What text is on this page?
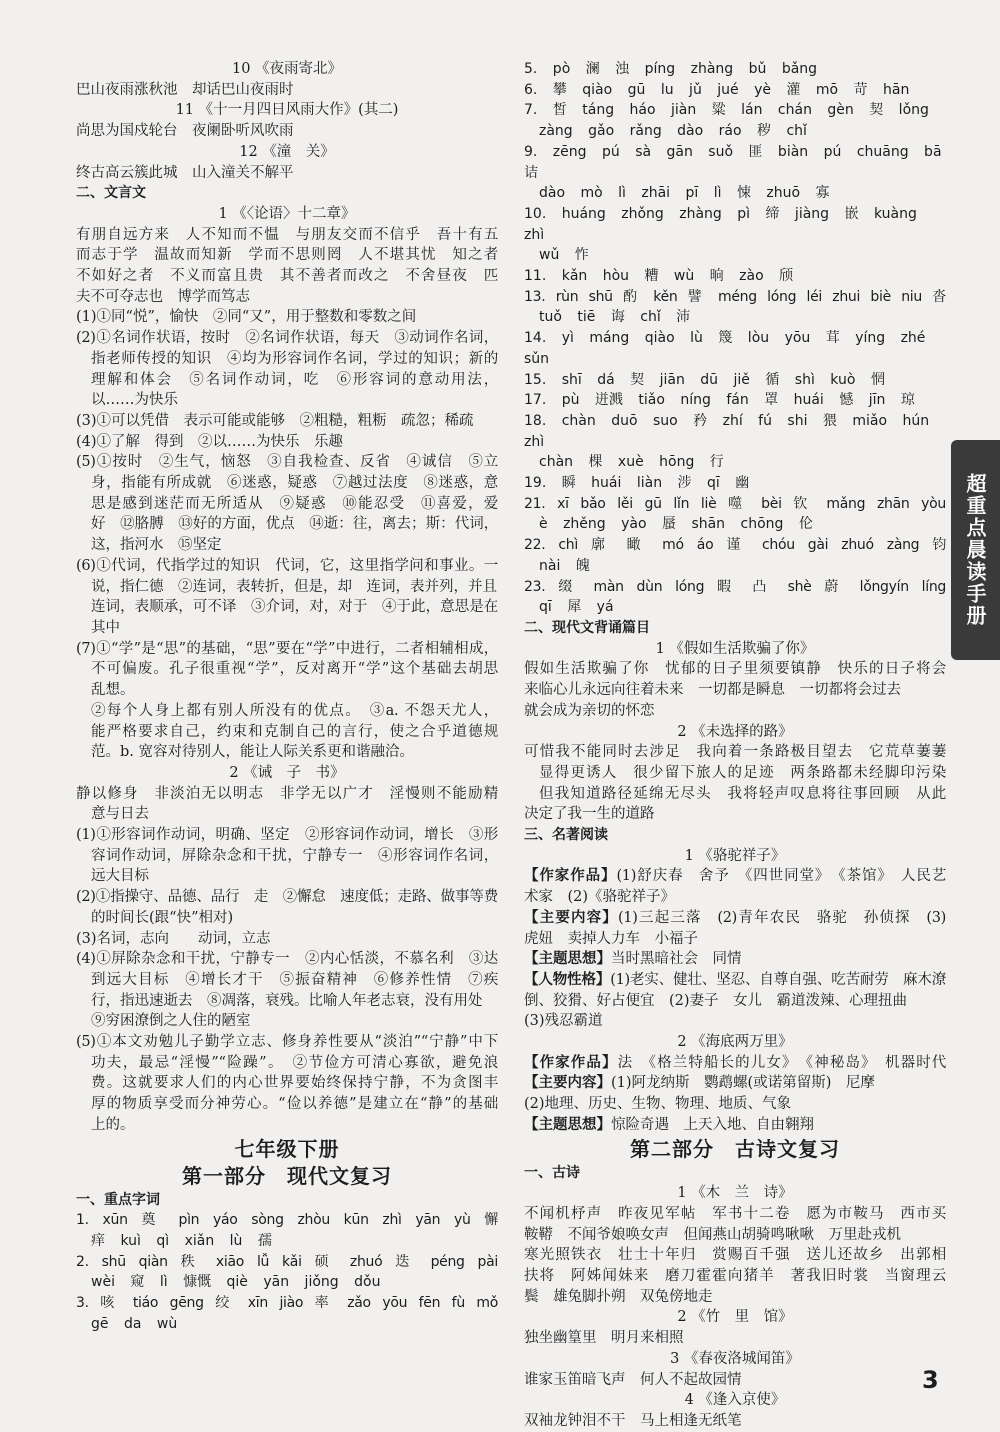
10 《夜雨寄北》
巴山夜雨涨秋池　却话巴山夜雨时
11 《十一月四日风雨大作》(其二)
尚思为国戍轮台　夜阑卧听风吹雨
12 《潼　关》
终古高云簇此城　山入潼关不解平
二、文言文
1 《〈论语〉十二章》
有朋自远方来　人不知而不愠　与朋友交而不信乎　吾十有五
而志于学　温故而知新　学而不思则罔　人不堪其忧　知之者
不如好之者　不义而富且贵　其不善者而改之　不舍昼夜　匹
夫不可夺志也　博学而笃志
(1)①同“悦”，愉快　②同“又”，用于整数和零数之间
(2)①名词作状语，按时　②名词作状语，每天　③动词作名词，
指老师传授的知识　④均为形容词作名词，学过的知识；新的
理解和体会　⑤名词作动词，吃　⑥形容词的意动用法，
以……为快乐
(3)①可以凭借　表示可能或能够　②粗糙，粗粝　疏忽；稀疏
(4)①了解　得到　②以……为快乐　乐趣
(5)①按时　②生气，恼怒　③自我检查、反省　④诚信　⑤立
身，指能有所成就　⑥迷惑，疑惑　⑦越过法度　⑧迷惑，意
思是感到迷茫而无所适从　⑨疑惑　⑩能忍受　⑪喜爱，爱
好　⑫胳膊　⑬好的方面，优点　⑭逝：往，离去；斯：代词，
这，指河水　⑮坚定
(6)①代词，代指学过的知识　代词，它，这里指学问和事业。一
说，指仁德　②连词，表转折，但是，却　连词，表并列，并且
连词，表顺承，可不译　③介词，对，对于　④于此，意思是在
其中
(7)①“学”是“思”的基础，“思”要在“学”中进行，二者相辅相成，
不可偏废。孔子很重视“学”，反对离开“学”这个基础去胡思
乱想。
②每个人身上都有别人所没有的优点。　③a. 不怨天尤人，
能严格要求自己，约束和克制自己的言行，使之合乎道德规
范。b. 宽容对待别人，能让人际关系更和谐融洽。
2 《诫　子　书》
静以修身　非淡泊无以明志　非学无以广才　淫慢则不能励精
意与日去
(1)①形容词作动词，明确、坚定　②形容词作动词，增长　③形
容词作动词，屏除杂念和干扰，宁静专一　④形容词作名词，
远大目标
(2)①指操守、品德、品行　走　②懈怠　速度低；走路、做事等费
的时间长(跟“快”相对)
(3)名词，志向　　动词，立志
(4)①屏除杂念和干扰，宁静专一　②内心恬淡，不慕名利　③达
到远大目标　④增长才干　⑤振奋精神　⑥修养性情　⑦疾
行，指迅速逝去　⑧凋落，衰残。比喻人年老志衰，没有用处
⑨穷困潦倒之人住的陋室
(5)①本文劝勉儿子勤学立志、修身养性要从“淡泊”“宁静”中下
功夫，最忌“淫慢”“险躁”。　②节俭方可清心寡欲，避免浪
费。这就要求人们的内心世界要始终保持宁静，不为贪图丰
厚的物质享受而分神劳心。“俭以养德”是建立在“静”的基础
上的。
七年级下册
第一部分　现代文复习
一、重点字词
1. xūn 奠 pìn yáo sòng zhòu kūn zhì yān yù 懈
痒 kuì qì xiǎn lù 孺
2. shū qiàn 秩 xiāo lǚ kǎi 硕 zhuó 迭 péng pài
wèi 窥 lì 慷慨 qiè yān jiǒng dǒu
3. 咳 tiáo gēng 绞 xīn jiào 率 zǎo yōu fēn fù mǒ
gē da wù
5. pò 澜 浊 píng zhàng bǔ bǎng
6. 攀 qiào gū lu jǔ jué yè 灌 mō 苛 hān
7. 皙 táng háo jiàn 粱 lán chán gèn 契 lǒng
zàng gǎo rǎng dào ráo 秽 chǐ
9. zēng pú sà gān suǒ 匪 biàn pú chuāng bā 诘
dào mò lì zhāi pī lì 悚 zhuō 寡
10. huáng zhǒng zhàng pì 缔 jiàng 嵌 kuàng zhì
wǔ 怍
11. kǎn hòu 糟 wù 晌 zào 颀
13. rùn shū 酌 kěn 譬 méng lóng léi zhui biè niu 沓
tuǒ tiē 诲 chǐ 沛
14. yì máng qiào lù 篾 lòu yōu 茸 yíng zhé sǔn
15. shī dá 契 jiān dū jiě 循 shì kuò 惘
17. pù 迸溅 tiǎo níng fán 罩 huái 憾 jīn 琼
18. chàn duō suo 矜 zhí fú shi 猥 miǎo hún zhì
chàn 棵 xuè hōng 行
19. 瞬 huái liàn 涉 qī 幽
21. xī bǎo lěi gū lǐn liè 噬 bèi 钦 mǎng zhān yòu
è zhěng yào 蜃 shān chōng 伦
22. chì 廓 瞰 mó áo 谨 chóu gài zhuó zàng 钧
nài 魄
23. 缀 màn dùn lóng 暇 凸 shè 蔚 lǒngyín líng
qī 犀 yá
二、现代文背诵篇目
1 《假如生活欺骗了你》
假如生活欺骗了你　忧郁的日子里须要镇静　快乐的日子将会
来临心儿永远向往着未来　一切都是瞬息　一切都将会过去
就会成为亲切的怀恋
2 《未选择的路》
可惜我不能同时去涉足　我向着一条路极目望去　它荒草萋萋
显得更诱人　很少留下旅人的足迹　两条路都未经脚印污染
但我知道路径延绵无尽头　我将轻声叹息将往事回顾　从此
决定了我一生的道路
三、名著阅读
1 《骆驼祥子》
【作家作品】(1)舒庆春　舍予　《四世同堂》　《茶馆》　人民艺
术家　(2)《骆驼祥子》
【主要内容】(1)三起三落　(2)青年农民　骆驼　孙侦探　(3)
虎妞　卖掉人力车　小福子
【主题思想】当时黑暗社会　同情
【人物性格】(1)老实、健壮、坚忍、自尊自强、吃苦耐劳　麻木潦
倒、狡猾、好占便宜　(2)妻子　女儿　霸道泼辣、心理扭曲
(3)残忍霸道
2 《海底两万里》
【作家作品】法　《格兰特船长的儿女》　《神秘岛》　机器时代
【主要内容】(1)阿龙纳斯　鹦鹉螺(或诺第留斯)　尼摩
(2)地理、历史、生物、物理、地质、气象
【主题思想】惊险奇遇　上天入地、自由翱翔
第二部分　古诗文复习
一、古诗
1 《木　兰　诗》
不闻机杼声　昨夜见军帖　军书十二卷　愿为市鞍马　西市买
鞍鞯　不闻爷娘唤女声　但闻燕山胡骑鸣啾啾　万里赴戎机
寒光照铁衣　壮士十年归　赏赐百千强　送儿还故乡　出郭相
扶将　阿姊闻妹来　磨刀霍霍向猪羊　著我旧时裳　当窗理云
鬓　雄兔脚扑朔　双兔傍地走
2 《竹　里　馆》
独坐幽篁里　明月来相照
3 《春夜洛城闻笛》
谁家玉笛暗飞声　何人不起故园情
4 《逢入京使》
双袖龙钟泪不干　马上相逢无纸笔
超重点晨读手册
3
